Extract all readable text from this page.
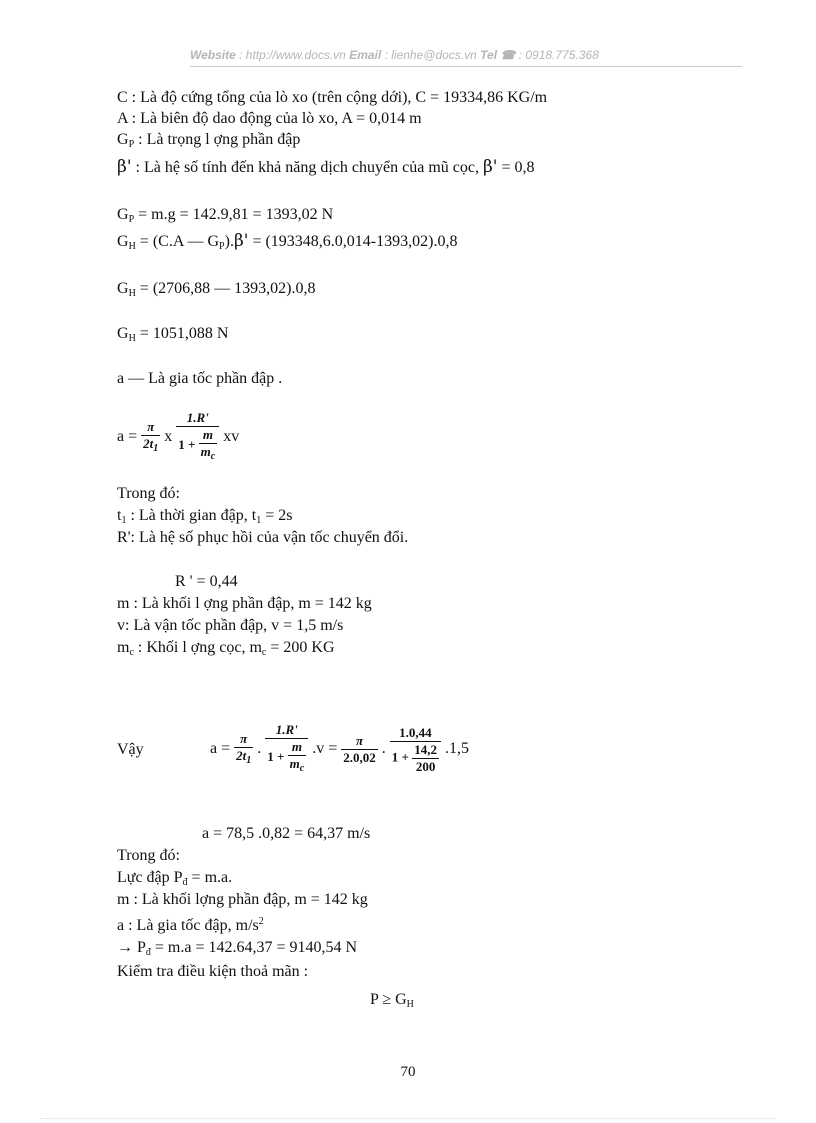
Website : http://www.docs.vn Email : lienhe@docs.vn Tel ☎ : 0918.775.368
C : Là độ cứng tổng của lò xo (trên cộng dới), C = 19334,86 KG/m
A : Là biên độ dao động của lò xo, A = 0,014 m
$G_P$ : Là trọng l ợng phần đập
β' : Là hệ số tính đến khả năng dịch chuyển của mũ cọc, β' = 0,8
$G_P = m.g = 142.9,81 = 1393,02$ N
$G_H = (C.A$ — $G_P).\beta' = (193348,6.0,014-1393,02).0,8$
$G_H = (2706,88$ — 1393,02).0,8
$G_H = 1051,088$ N
a — Là gia tốc phần đập .
$a = \frac{\pi}{2t_1}$ x $\frac{1.R'}{1 + \frac{m}{m_c}}$ xv
Trong đó:
$t_1$ : Là thời gian đập, $t_1 = 2s$
R': Là hệ số phục hồi của vận tốc chuyển đổi.
R ' = 0,44
m : Là khối l ợng phần đập, m = 142 kg
v: Là vận tốc phần đập, v = 1,5 m/s
$m_c$ : Khối l ợng cọc, $m_c = 200$ KG
Vậy	$a = \frac{\pi}{2t_1}$ . $\frac{1.R'}{1 + \frac{m}{m_c}} .v = \frac{\pi}{2.0,02}$ . $\frac{1.0,44}{1 + \frac{14,2}{200}} .1,5$
a = 78,5 .0,82 = 64,37 m/s
Trong đó:
Lực đập $P_đ = m.a$.
m : Là khối lợng phần đập, m = 142 kg
a : Là gia tốc đập, $m/s^2$
→ $P_đ = m.a = 142.64,37 = 9140,54$ N
Kiểm tra điều kiện thoả mãn :
$P \ge G_H$
70
